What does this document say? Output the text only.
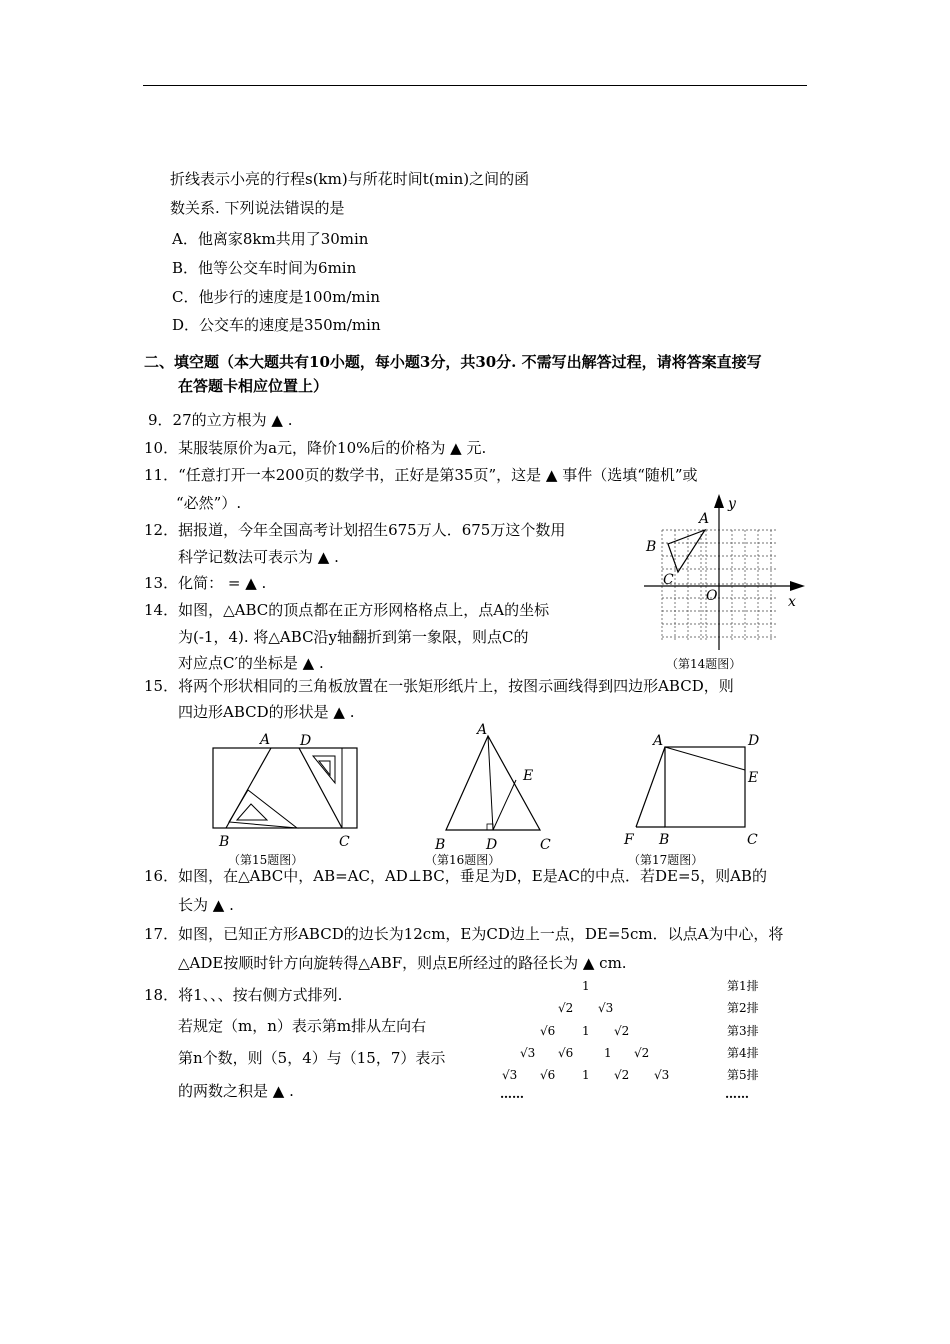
折线表示小亮的行程s(km)与所花时间t(min)之间的函
数关系. 下列说法错误的是
A．他离家8km共用了30min
B．他等公交车时间为6min
C．他步行的速度是100m/min
D．公交车的速度是350m/min
二、填空题（本大题共有10小题，每小题3分，共30分. 不需写出解答过程，请将答案直接写
在答题卡相应位置上）
9．27的立方根为 ▲ .
10．某服装原价为a元，降价10%后的价格为 ▲ 元.
11．“任意打开一本200页的数学书，正好是第35页”，这是 ▲ 事件（选填“随机”或
“必然”）.
12．据报道，今年全国高考计划招生675万人．675万这个数用
科学记数法可表示为 ▲ .
13．化简： = ▲ .
14．如图，△ABC的顶点都在正方形网格格点上，点A的坐标
为(-1，4). 将△ABC沿y轴翻折到第一象限，则点C的
对应点C′的坐标是 ▲ .
A
B
C
O	x
y
（第14题图）
15．将两个形状相同的三角板放置在一张矩形纸片上，按图示画线得到四边形ABCD，则
四边形ABCD的形状是 ▲ .
A D
B	C
（第15题图）
A
E
B	D	C
（第16题图）
A	D
E
F B	C
（第17题图）
16．如图，在△ABC中，AB=AC，AD⊥BC，垂足为D，E是AC的中点．若DE=5，则AB的
长为 ▲ .
17．如图，已知正方形ABCD的边长为12cm，E为CD边上一点，DE=5cm．以点A为中心，将
△ADE按顺时针方向旋转得△ABF，则点E所经过的路径长为 ▲ cm.
18．将1、、、按右侧方式排列.
若规定（m，n）表示第m排从左向右
第n个数，则（5，4）与（15，7）表示
的两数之积是 ▲ .
1
√2 √3
√6 1 √2
√3 √6	1 √2
√3 √6 1 √2 √3
……
第1排
第2排
第3排
第4排
第5排
……
